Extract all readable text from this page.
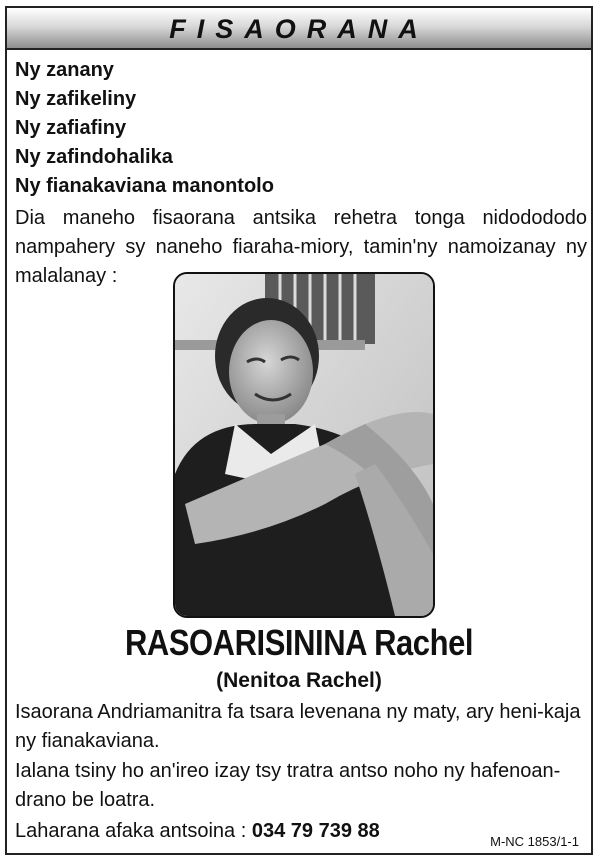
FISAORANA
Ny zanany
Ny zafikeliny
Ny zafiafiny
Ny zafindohalika
Ny fianakaviana manontolo

Dia maneho fisaorana antsika rehetra tonga nidodododo nampahery sy naneho fiaraha-miory, tamin'ny namoizanay ny malalanay :

RASOARISININA Rachel
(Nenitoa Rachel)

Isaorana Andriamanitra fa tsara levenana ny maty, ary heni-kaja ny fianakaviana.

Ialana tsiny ho an'ireo izay tsy tratra antso noho ny hafenoan-drano be loatra.

Laharana afaka antsoina : 034 79 739 88	M-NC 1853/1-1
